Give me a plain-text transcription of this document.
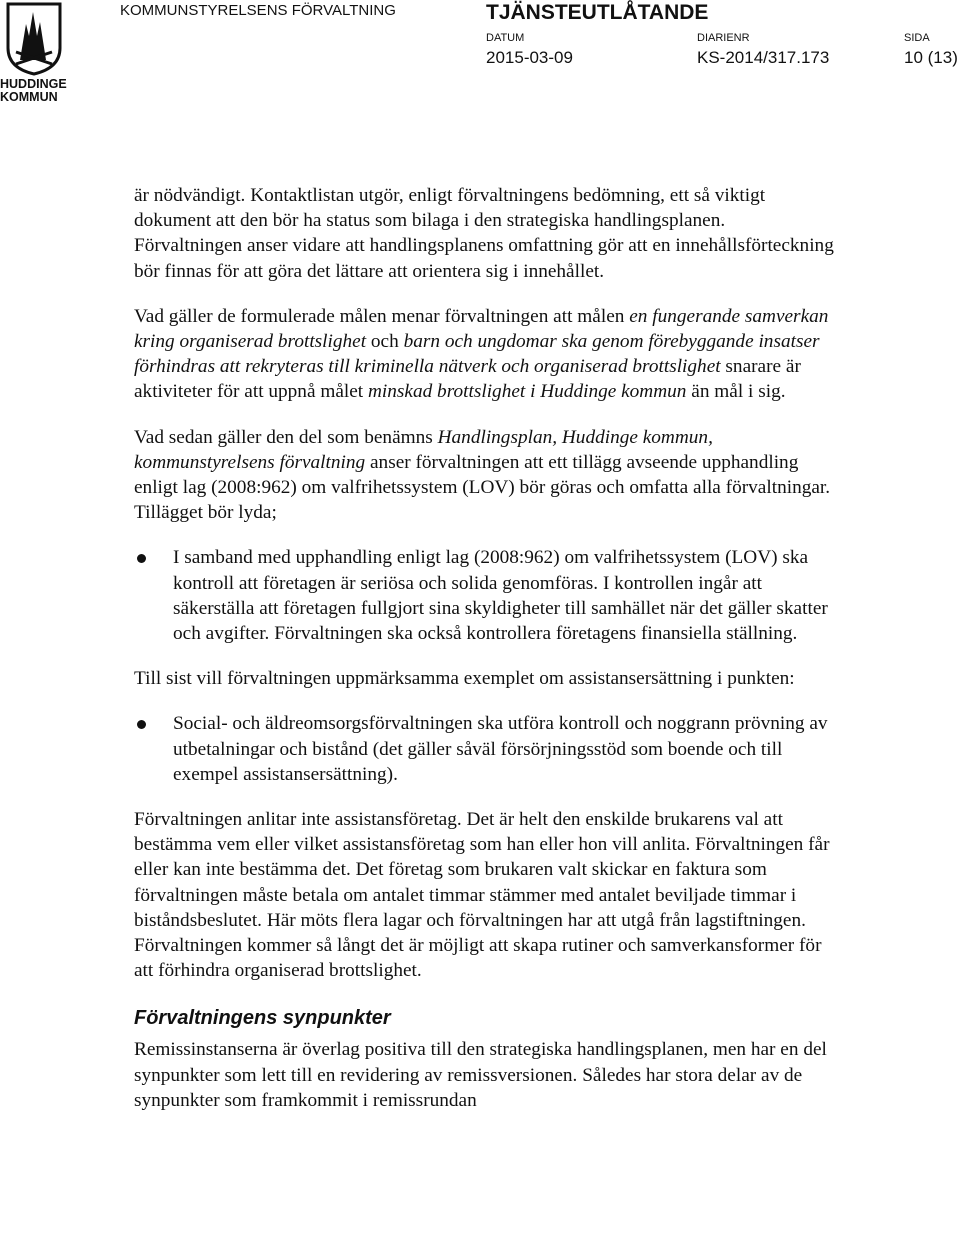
HUDDINGE
KOMMUN
KOMMUNSTYRELSENS FÖRVALTNING	TJÄNSTEUTLÅTANDE
DATUM
2015-03-09
DIARIENR
KS-2014/317.173
SIDA
10 (13)

är nödvändigt. Kontaktlistan utgör, enligt förvaltningens bedömning, ett så viktigt dokument att den bör ha status som bilaga i den strategiska handlingsplanen. Förvaltningen anser vidare att handlingsplanens omfattning gör att en innehållsförteckning bör finnas för att göra det lättare att orientera sig i innehållet.

Vad gäller de formulerade målen menar förvaltningen att målen en fungerande samverkan kring organiserad brottslighet och barn och ungdomar ska genom förebyggande insatser förhindras att rekryteras till kriminella nätverk och organiserad brottslighet snarare är aktiviteter för att uppnå målet minskad brottslighet i Huddinge kommun än mål i sig.

Vad sedan gäller den del som benämns Handlingsplan, Huddinge kommun, kommunstyrelsens förvaltning anser förvaltningen att ett tillägg avseende upphandling enligt lag (2008:962) om valfrihetssystem (LOV) bör göras och omfatta alla förvaltningar. Tillägget bör lyda;

I samband med upphandling enligt lag (2008:962) om valfrihetssystem (LOV) ska kontroll att företagen är seriösa och solida genomföras. I kontrollen ingår att säkerställa att företagen fullgjort sina skyldigheter till samhället när det gäller skatter och avgifter. Förvaltningen ska också kontrollera företagens finansiella ställning.

Till sist vill förvaltningen uppmärksamma exemplet om assistansersättning i punkten:

Social- och äldreomsorgsförvaltningen ska utföra kontroll och noggrann prövning av utbetalningar och bistånd (det gäller såväl försörjningsstöd som boende och till exempel assistansersättning).

Förvaltningen anlitar inte assistansföretag. Det är helt den enskilde brukarens val att bestämma vem eller vilket assistansföretag som han eller hon vill anlita. Förvaltningen får eller kan inte bestämma det. Det företag som brukaren valt skickar en faktura som förvaltningen måste betala om antalet timmar stämmer med antalet beviljade timmar i biståndsbeslutet. Här möts flera lagar och förvaltningen har att utgå från lagstiftningen. Förvaltningen kommer så långt det är möjligt att skapa rutiner och samverkansformer för att förhindra organiserad brottslighet.

Förvaltningens synpunkter

Remissinstanserna är överlag positiva till den strategiska handlingsplanen, men har en del synpunkter som lett till en revidering av remissversionen. Således har stora delar av de synpunkter som framkommit i remissrundan
